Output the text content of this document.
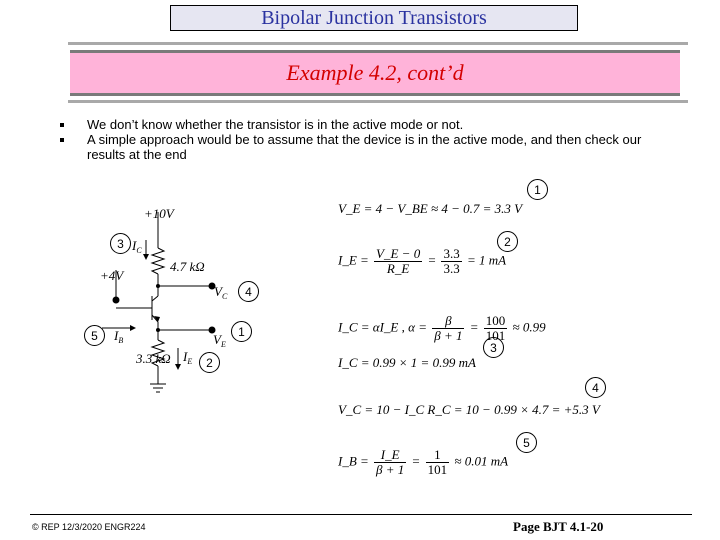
Bipolar Junction Transistors
Example 4.2, cont’d
We don’t know whether the transistor is in the active mode or not.
A simple approach would be to assume that the device is in the active mode, and then check our results at the end
+10V
+4V
4.7 kΩ
3.3 kΩ
$I_C$
$V_C$
$I_B$	$V_E$
$I_E$
3	2
4
5	1
2
1
3
4
5
V_E = 4 − V_BE ≈ 4 − 0.7 = 3.3 V
I_E = $\frac{V\_E - 0}{R\_E} = \frac{3.3}{3.3} = 1$ mA
I_C = αI_E , $\alpha = \frac{\beta}{\beta + 1} = \frac{100}{101} \approx 0.99$
I_C = 0.99 × 1 = 0.99 mA
V_C = 10 − I_C R_C = 10 − 0.99 × 4.7 = +5.3 V
I_B = $\frac{I\_E}{\beta + 1} = \frac{1}{101} \approx 0.01$ mA
© REP 12/3/2020 ENGR224	Page BJT 4.1-20
